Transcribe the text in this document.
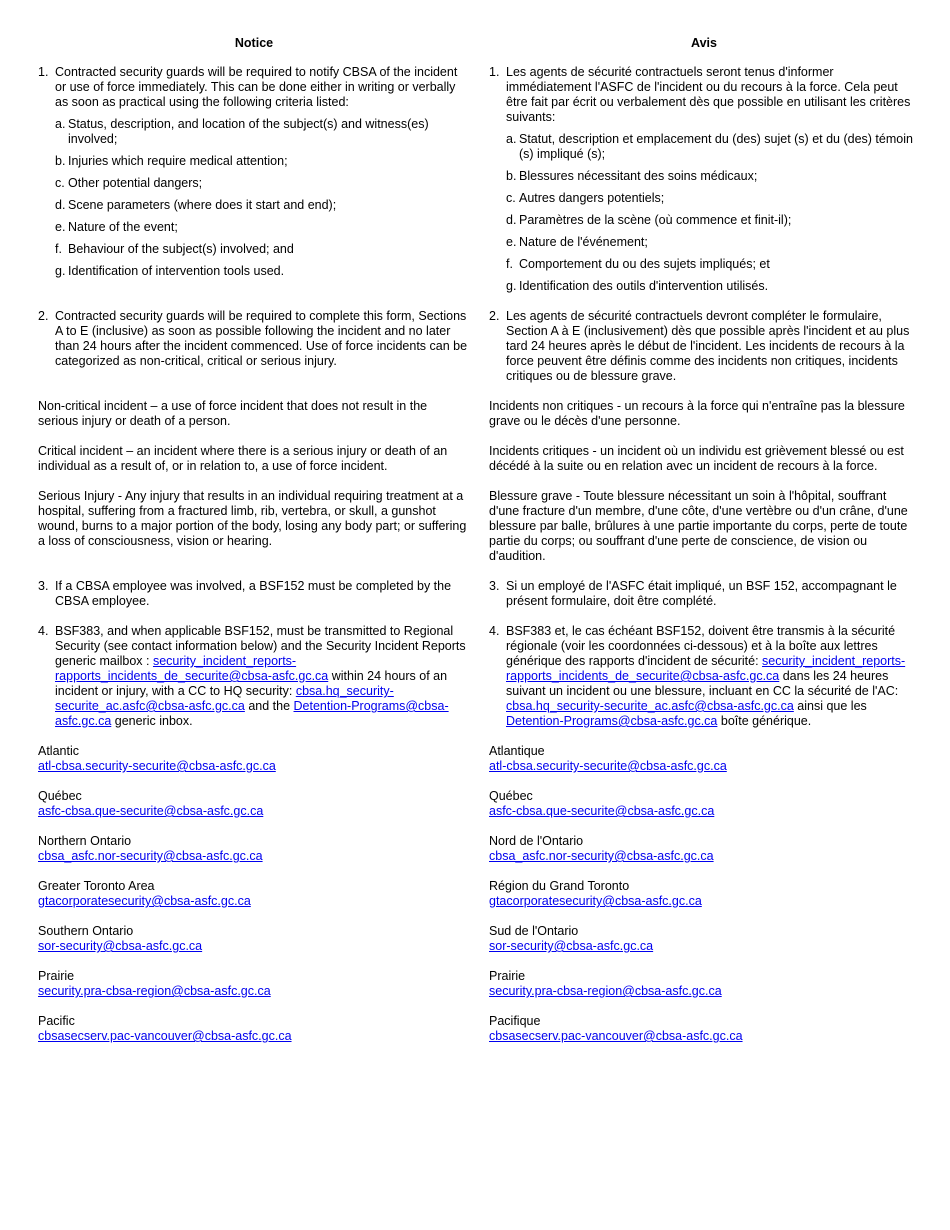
Notice
1. Contracted security guards will be required to notify CBSA of the incident or use of force immediately. This can be done either in writing or verbally as soon as practical using the following criteria listed:

a. Status, description, and location of the subject(s) and witness(es) involved;
b. Injuries which require medical attention;
c. Other potential dangers;
d. Scene parameters (where does it start and end);
e. Nature of the event;
f. Behaviour of the subject(s) involved; and
g. Identification of intervention tools used.
2. Contracted security guards will be required to complete this form, Sections A to E (inclusive) as soon as possible following the incident and no later than 24 hours after the incident commenced. Use of force incidents can be categorized as non-critical, critical or serious injury.

Non-critical incident – a use of force incident that does not result in the serious injury or death of a person.

Critical incident – an incident where there is a serious injury or death of an individual as a result of, or in relation to, a use of force incident.

Serious Injury - Any injury that results in an individual requiring treatment at a hospital, suffering from a fractured limb, rib, vertebra, or skull, a gunshot wound, burns to a major portion of the body, losing any body part; or suffering a loss of consciousness, vision or hearing.

3. If a CBSA employee was involved, a BSF152 must be completed by the CBSA employee.

4. BSF383, and when applicable BSF152, must be transmitted to Regional Security (see contact information below) and the Security Incident Reports generic mailbox : security_incident_reports-rapports_incidents_de_securite@cbsa-asfc.gc.ca within 24 hours of an incident or injury, with a CC to HQ security: cbsa.hq_security-securite_ac.asfc@cbsa-asfc.gc.ca and the Detention-Programs@cbsa-asfc.gc.ca generic inbox.

Atlantic
atl-cbsa.security-securite@cbsa-asfc.gc.ca
Québec
asfc-cbsa.que-securite@cbsa-asfc.gc.ca
Northern Ontario
cbsa_asfc.nor-security@cbsa-asfc.gc.ca
Greater Toronto Area
gtacorporatesecurity@cbsa-asfc.gc.ca
Southern Ontario
sor-security@cbsa-asfc.gc.ca
Prairie
security.pra-cbsa-region@cbsa-asfc.gc.ca
Pacific
cbsasecserv.pac-vancouver@cbsa-asfc.gc.ca
Avis
1. Les agents de sécurité contractuels seront tenus d'informer immédiatement l'ASFC de l'incident ou du recours à la force. Cela peut être fait par écrit ou verbalement dès que possible en utilisant les critères suivants:

a. Statut, description et emplacement du (des) sujet (s) et du (des) témoin (s) impliqué (s);
b. Blessures nécessitant des soins médicaux;
c. Autres dangers potentiels;
d. Paramètres de la scène (où commence et finit-il);
e. Nature de l'événement;
f. Comportement du ou des sujets impliqués; et
g. Identification des outils d'intervention utilisés.
2. Les agents de sécurité contractuels devront compléter le formulaire, Section A à E (inclusivement) dès que possible après l'incident et au plus tard 24 heures après le début de l'incident. Les incidents de recours à la force peuvent être définis comme des incidents non critiques, incidents critiques ou de blessure grave.

Incidents non critiques - un recours à la force qui n'entraîne pas la blessure grave ou le décès d'une personne.

Incidents critiques - un incident où un individu est grièvement blessé ou est décédé à la suite ou en relation avec un incident de recours à la force.

Blessure grave - Toute blessure nécessitant un soin à l'hôpital, souffrant d'une fracture d'un membre, d'une côte, d'une vertèbre ou d'un crâne, d'une blessure par balle, brûlures à une partie importante du corps, perte de toute partie du corps; ou souffrant d'une perte de conscience, de vision ou d'audition.

3. Si un employé de l'ASFC était impliqué, un BSF 152, accompagnant le présent formulaire, doit être complété.

4. BSF383 et, le cas échéant BSF152, doivent être transmis à la sécurité régionale (voir les coordonnées ci-dessous) et à la boîte aux lettres générique des rapports d'incident de sécurité: security_incident_reports-rapports_incidents_de_securite@cbsa-asfc.gc.ca dans les 24 heures suivant un incident ou une blessure, incluant en CC la sécurité de l'AC: cbsa.hq_security-securite_ac.asfc@cbsa-asfc.gc.ca ainsi que les Detention-Programs@cbsa-asfc.gc.ca boîte générique.

Atlantique
atl-cbsa.security-securite@cbsa-asfc.gc.ca
Québec
asfc-cbsa.que-securite@cbsa-asfc.gc.ca
Nord de l'Ontario
cbsa_asfc.nor-security@cbsa-asfc.gc.ca
Région du Grand Toronto
gtacorporatesecurity@cbsa-asfc.gc.ca
Sud de l'Ontario
sor-security@cbsa-asfc.gc.ca
Prairie
security.pra-cbsa-region@cbsa-asfc.gc.ca
Pacifique
cbsasecserv.pac-vancouver@cbsa-asfc.gc.ca
